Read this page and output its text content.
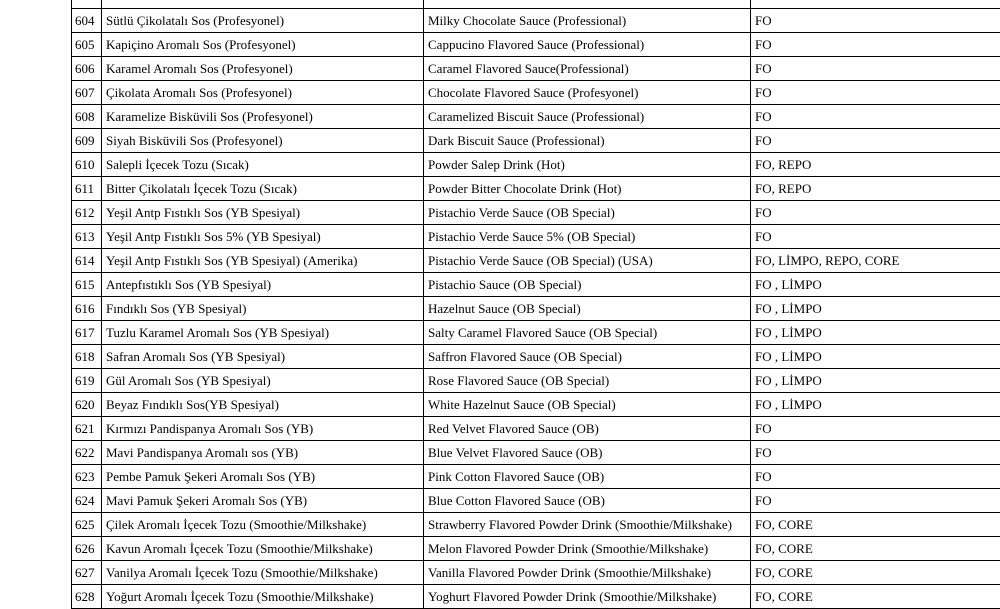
604	Sütlü Çikolatalı Sos (Profesyonel)	Milky Chocolate Sauce (Professional)	FO
605	Kapiçino Aromalı Sos (Profesyonel)	Cappucino Flavored Sauce (Professional)	FO
606	Karamel Aromalı Sos (Profesyonel)	Caramel Flavored Sauce(Professional)	FO
607	Çikolata Aromalı Sos (Profesyonel)	Chocolate Flavored Sauce (Profesyonel)	FO
608	Karamelize Bisküvili Sos (Profesyonel)	Caramelized Biscuit Sauce (Professional)	FO
609	Siyah Bisküvili Sos (Profesyonel)	Dark Biscuit Sauce (Professional)	FO
610	Salepli İçecek Tozu (Sıcak)	Powder Salep Drink (Hot)	FO, REPO
611	Bitter Çikolatalı İçecek Tozu (Sıcak)	Powder Bitter Chocolate Drink (Hot)	FO, REPO
612	Yeşil Antp Fıstıklı Sos (YB Spesiyal)	Pistachio Verde Sauce (OB Special)	FO
613	Yeşil Antp Fıstıklı Sos 5% (YB Spesiyal)	Pistachio Verde Sauce 5% (OB Special)	FO
614	Yeşil Antp Fıstıklı Sos (YB Spesiyal) (Amerika)	Pistachio Verde Sauce (OB Special) (USA)	FO, LİMPO, REPO, CORE
615	Antepfıstıklı Sos (YB Spesiyal)	Pistachio Sauce (OB Special)	FO , LİMPO
616	Fındıklı Sos (YB Spesiyal)	Hazelnut Sauce (OB Special)	FO , LİMPO
617	Tuzlu Karamel Aromalı Sos (YB Spesiyal)	Salty Caramel Flavored Sauce (OB Special)	FO , LİMPO
618	Safran Aromalı Sos (YB Spesiyal)	Saffron Flavored Sauce (OB Special)	FO , LİMPO
619	Gül Aromalı Sos (YB Spesiyal)	Rose Flavored Sauce (OB Special)	FO , LİMPO
620	Beyaz Fındıklı Sos(YB Spesiyal)	White Hazelnut Sauce (OB Special)	FO , LİMPO
621	Kırmızı Pandispanya Aromalı Sos (YB)	Red Velvet Flavored Sauce (OB)	FO
622	Mavi Pandispanya Aromalı sos (YB)	Blue Velvet Flavored Sauce (OB)	FO
623	Pembe Pamuk Şekeri Aromalı Sos (YB)	Pink Cotton Flavored Sauce (OB)	FO
624	Mavi Pamuk Şekeri Aromalı Sos (YB)	Blue Cotton Flavored Sauce (OB)	FO
625	Çilek Aromalı İçecek Tozu (Smoothie/Milkshake)	Strawberry Flavored Powder Drink (Smoothie/Milkshake)	FO, CORE
626	Kavun Aromalı İçecek Tozu (Smoothie/Milkshake)	Melon Flavored Powder Drink (Smoothie/Milkshake)	FO, CORE
627	Vanilya Aromalı İçecek Tozu (Smoothie/Milkshake)	Vanilla Flavored Powder Drink (Smoothie/Milkshake)	FO, CORE
628	Yoğurt Aromalı İçecek Tozu (Smoothie/Milkshake)	Yoghurt Flavored Powder Drink (Smoothie/Milkshake)	FO, CORE
